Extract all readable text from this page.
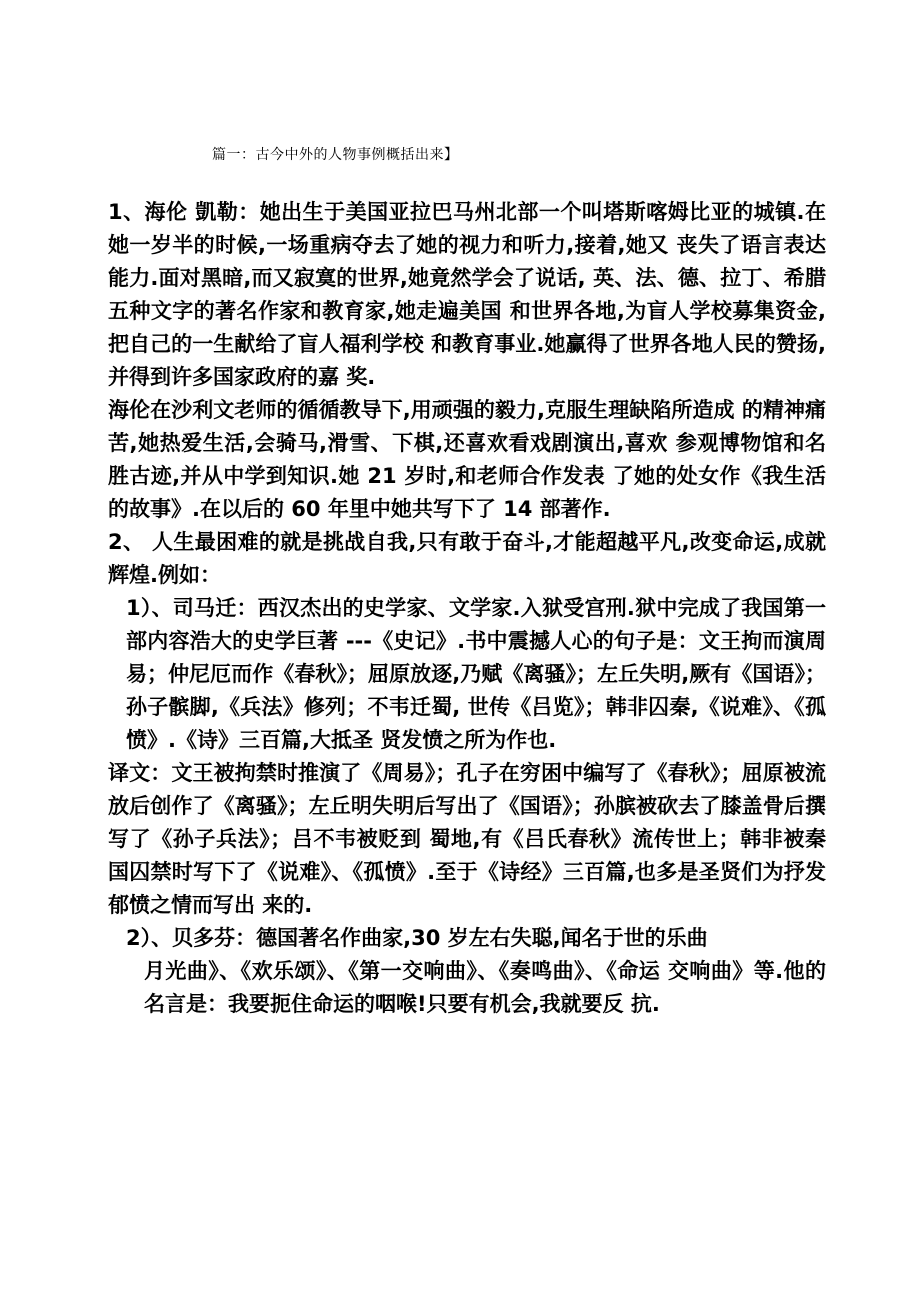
篇一：古今中外的人物事例概括出来】

1、海伦 凱勒：她出生于美国亚拉巴马州北部一个叫塔斯喀姆比亚的城镇.在她一岁半的时候,一场重病夺去了她的视力和听力,接着,她又 丧失了语言表达能力.面对黑暗,而又寂寞的世界,她竟然学会了说话, 英、法、德、拉丁、希腊五种文字的著名作家和教育家,她走遍美国 和世界各地,为盲人学校募集资金,把自己的一生献给了盲人福利学校 和教育事业.她赢得了世界各地人民的赞扬,并得到许多国家政府的嘉 奖.

海伦在沙利文老师的循循教导下,用顽强的毅力,克服生理缺陷所造成 的精神痛苦,她热爱生活,会骑马,滑雪、下棋,还喜欢看戏剧演出,喜欢 参观博物馆和名胜古迹,并从中学到知识.她 21 岁时,和老师合作发表 了她的处女作《我生活的故事》.在以后的 60 年里中她共写下了 14 部著作.

2、 人生最困难的就是挑战自我,只有敢于奋斗,才能超越平凡,改变命运,成就辉煌.例如：

1）、司马迁：西汉杰出的史学家、文学家.入狱受宫刑.狱中完成了我国第一部内容浩大的史学巨著 ---《史记》.书中震撼人心的句子是：文王拘而演周易；仲尼厄而作《春秋》；屈原放逐,乃赋《离骚》；左丘失明,厥有《国语》；孙子髌脚,《兵法》修列；不韦迁蜀, 世传《吕览》；韩非囚秦,《说难》、《孤愤》.《诗》三百篇,大抵圣 贤发愤之所为作也.

译文：文王被拘禁时推演了《周易》；孔子在穷困中编写了《春秋》；屈原被流放后创作了《离骚》；左丘明失明后写出了《国语》；孙膑被砍去了膝盖骨后撰写了《孙子兵法》；吕不韦被贬到 蜀地,有《吕氏春秋》流传世上；韩非被秦国囚禁时写下了《说难》、《孤愤》.至于《诗经》三百篇,也多是圣贤们为抒发郁愤之情而写出 来的.

2）、贝多芬：德国著名作曲家,30 岁左右失聪,闻名于世的乐曲

月光曲》、《欢乐颂》、《第一交响曲》、《奏鸣曲》、《命运 交响曲》等.他的名言是：我要扼住命运的咽喉!只要有机会,我就要反 抗.
